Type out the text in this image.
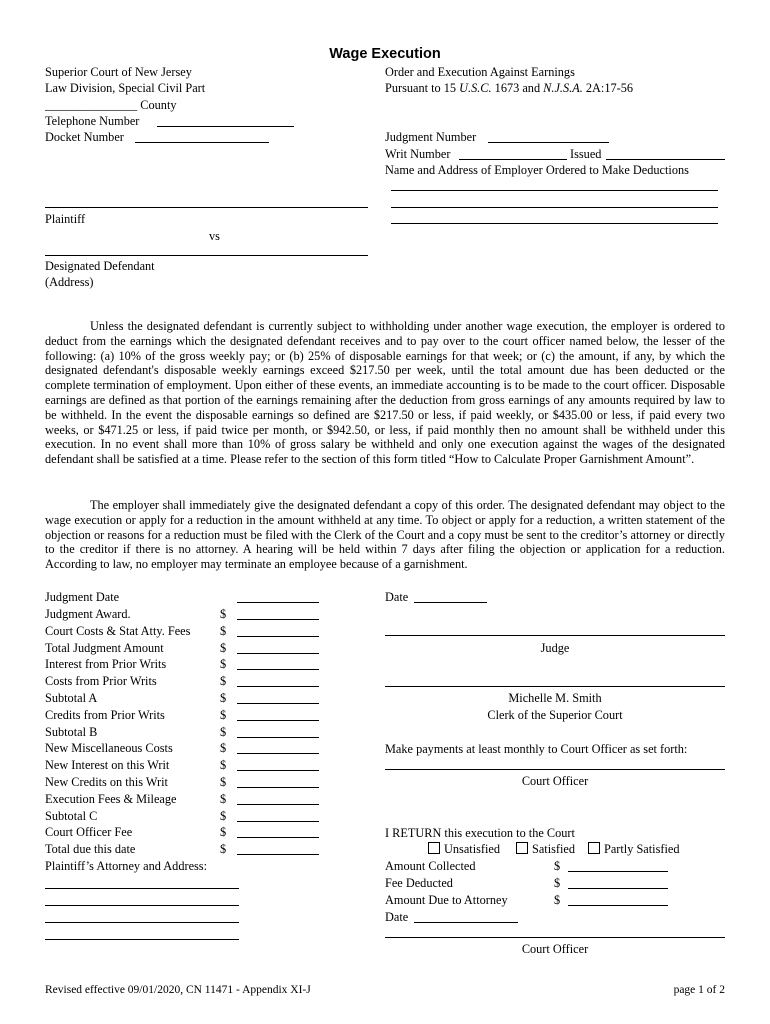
Wage Execution
Superior Court of New Jersey
Law Division, Special Civil Part
_______________ County
Telephone Number
Docket Number
Order and Execution Against Earnings
Pursuant to 15 U.S.C. 1673 and N.J.S.A. 2A:17-56
Judgment Number
Writ Number	Issued
Name and Address of Employer Ordered to Make Deductions
Plaintiff
vs
Designated Defendant
(Address)
Unless the designated defendant is currently subject to withholding under another wage execution, the employer is ordered to deduct from the earnings which the designated defendant receives and to pay over to the court officer named below, the lesser of the following: (a) 10% of the gross weekly pay; or (b) 25% of disposable earnings for that week; or (c) the amount, if any, by which the designated defendant's disposable weekly earnings exceed $217.50 per week, until the total amount due has been deducted or the complete termination of employment. Upon either of these events, an immediate accounting is to be made to the court officer. Disposable earnings are defined as that portion of the earnings remaining after the deduction from gross earnings of any amounts required by law to be withheld. In the event the disposable earnings so defined are $217.50 or less, if paid weekly, or $435.00 or less, if paid every two weeks, or $471.25 or less, if paid twice per month, or $942.50, or less, if paid monthly then no amount shall be withheld under this execution. In no event shall more than 10% of gross salary be withheld and only one execution against the wages of the designated defendant shall be satisfied at a time. Please refer to the section of this form titled “How to Calculate Proper Garnishment Amount”.
The employer shall immediately give the designated defendant a copy of this order. The designated defendant may object to the wage execution or apply for a reduction in the amount withheld at any time. To object or apply for a reduction, a written statement of the objection or reasons for a reduction must be filed with the Clerk of the Court and a copy must be sent to the creditor’s attorney or directly to the creditor if there is no attorney. A hearing will be held within 7 days after filing the objection or application for a reduction. According to law, no employer may terminate an employee because of a garnishment.
Judgment Date
Judgment Award.	$
Court Costs & Stat Atty. Fees $
Total Judgment Amount	$
Interest from Prior Writs	$
Costs from Prior Writs	$
Subtotal A	$
Credits from Prior Writs	$
Subtotal B	$
New Miscellaneous Costs	$
New Interest on this Writ	$
New Credits on this Writ	$
Execution Fees & Mileage	$
Subtotal C	$
Court Officer Fee	$
Total due this date	$
Plaintiff’s Attorney and Address:
Date
Judge
Michelle M. Smith
Clerk of the Superior Court
Make payments at least monthly to Court Officer as set forth:
Court Officer
I RETURN this execution to the Court
Unsatisfied	Satisfied	Partly Satisfied
Amount Collected	$
Fee Deducted	$
Amount Due to Attorney	$
Date
Court Officer
Revised effective 09/01/2020, CN 11471 - Appendix XI-J	page 1 of 2
